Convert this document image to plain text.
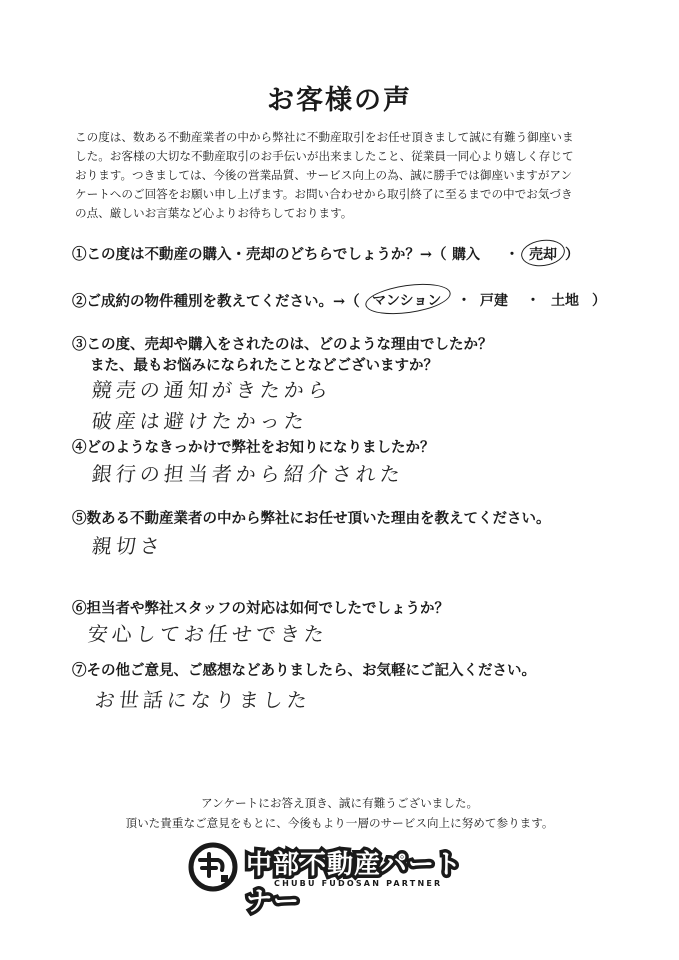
お客様の声
この度は、数ある不動産業者の中から弊社に不動産取引をお任せ頂きまして誠に有難う御座いま
した。お客様の大切な不動産取引のお手伝いが出来ましたこと、従業員一同心より嬉しく存じて
おります。つきましては、今後の営業品質、サービス向上の為、誠に勝手では御座いますがアン
ケートへのご回答をお願い申し上げます。お問い合わせから取引終了に至るまでの中でお気づき
の点、厳しいお言葉など心よりお待ちしております。
①この度は不動産の購入・売却のどちらでしょうか？→（ 購入 ・ 売却 ）
②ご成約の物件種別を教えてください。→（ マンション ・ 戸建 ・ 土地 ）
③この度、売却や購入をされたのは、どのような理由でしたか？
また、最もお悩みになられたことなどございますか？
競売の通知がきたから
破産は避けたかった
④どのようなきっかけで弊社をお知りになりましたか？
銀行の担当者から紹介された
⑤数ある不動産業者の中から弊社にお任せ頂いた理由を教えてください。
親切さ
⑥担当者や弊社スタッフの対応は如何でしたでしょうか？
安心してお任せできた
⑦その他ご意見、ご感想などありましたら、お気軽にご記入ください。
お世話になりました
アンケートにお答え頂き、誠に有難うございました。
頂いた貴重なご意見をもとに、今後もより一層のサービス向上に努めて参ります。
中部不動産パートナー
CHUBU FUDOSAN PARTNER
